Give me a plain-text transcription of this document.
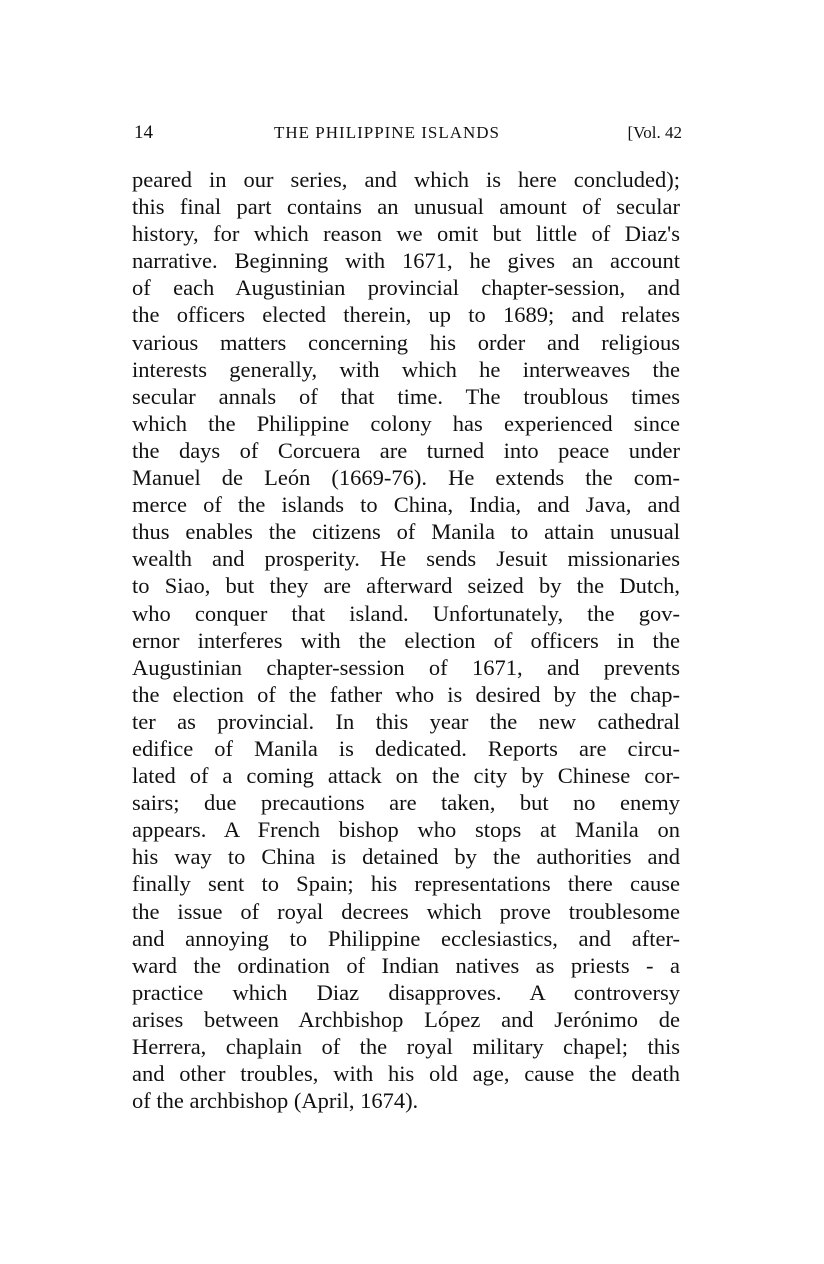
14	THE PHILIPPINE ISLANDS	[Vol. 42
peared in our series, and which is here concluded);
this final part contains an unusual amount of secular
history, for which reason we omit but little of Diaz's
narrative. Beginning with 1671, he gives an account
of each Augustinian provincial chapter-session, and
the officers elected therein, up to 1689; and relates
various matters concerning his order and religious
interests generally, with which he interweaves the
secular annals of that time. The troublous times
which the Philippine colony has experienced since
the days of Corcuera are turned into peace under
Manuel de León (1669-76). He extends the com-
merce of the islands to China, India, and Java, and
thus enables the citizens of Manila to attain unusual
wealth and prosperity. He sends Jesuit missionaries
to Siao, but they are afterward seized by the Dutch,
who conquer that island. Unfortunately, the gov-
ernor interferes with the election of officers in the
Augustinian chapter-session of 1671, and prevents
the election of the father who is desired by the chap-
ter as provincial. In this year the new cathedral
edifice of Manila is dedicated. Reports are circu-
lated of a coming attack on the city by Chinese cor-
sairs; due precautions are taken, but no enemy
appears. A French bishop who stops at Manila on
his way to China is detained by the authorities and
finally sent to Spain; his representations there cause
the issue of royal decrees which prove troublesome
and annoying to Philippine ecclesiastics, and after-
ward the ordination of Indian natives as priests - a
practice which Diaz disapproves. A controversy
arises between Archbishop López and Jerónimo de
Herrera, chaplain of the royal military chapel; this
and other troubles, with his old age, cause the death
of the archbishop (April, 1674).
